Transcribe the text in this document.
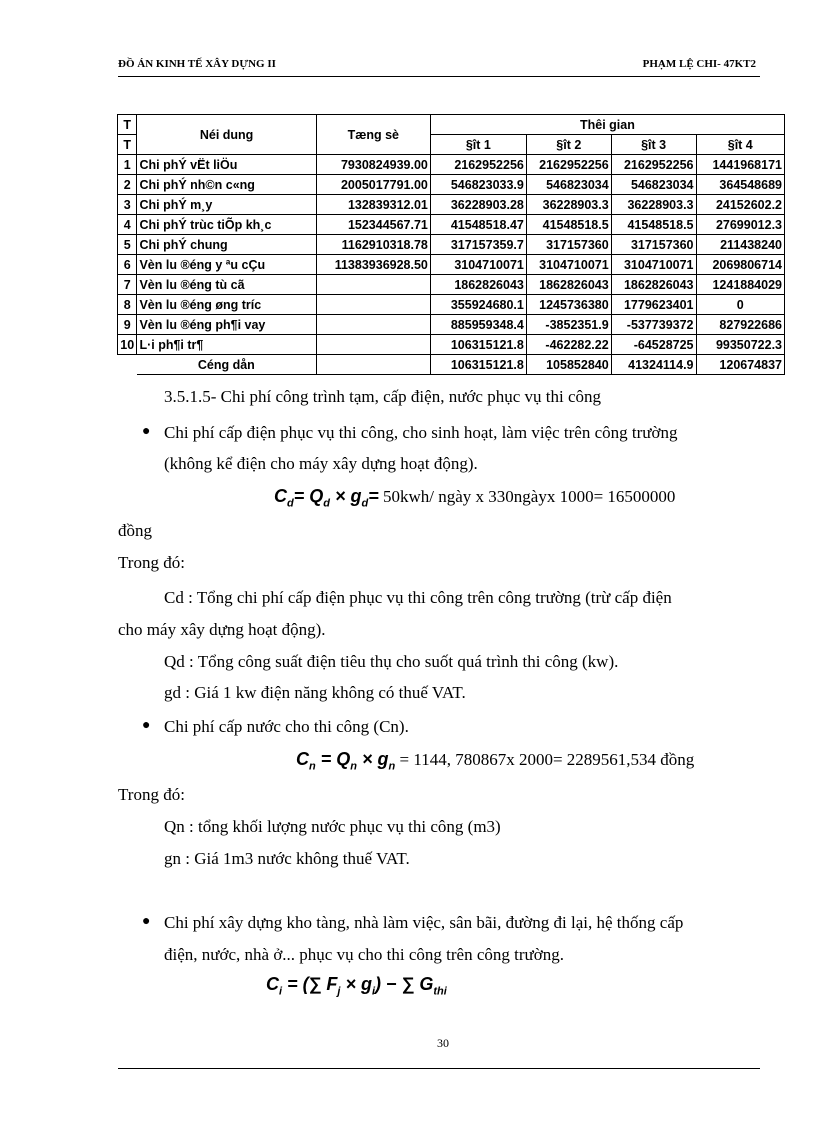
ĐỒ ÁN KINH TẾ XÂY DỰNG II	PHẠM LỆ CHI- 47KT2
T	Néi dung	Tæng sè	Thêi gian			
T			§ît 1	§ît 2	§ît 3	§ît 4
1	Chi phÝ vËt liÖu	7930824939.00	2162952256	2162952256	2162952256	1441968171
2	Chi phÝ nh©n c«ng	2005017791.00	546823033.9	546823034	546823034	364548689
3	Chi phÝ m¸y	132839312.01	36228903.28	36228903.3	36228903.3	24152602.2
4	Chi phÝ trùc tiÕp kh¸c	152344567.71	41548518.47	41548518.5	41548518.5	27699012.3
5	Chi phÝ chung	1162910318.78	317157359.7	317157360	317157360	211438240
6	Vèn lu ®éng y ªu cÇu	11383936928.50	3104710071	3104710071	3104710071	2069806714
7	Vèn lu ®éng tù cã		1862826043	1862826043	1862826043	1241884029
8	Vèn lu ®éng øng tríc		355924680.1	1245736380	1779623401	0
9	Vèn lu ®éng ph¶i vay		885959348.4	-3852351.9	-537739372	827922686
10	L·i ph¶i tr¶		106315121.8	-462282.22	-64528725	99350722.3
	Céng dån		106315121.8	105852840	41324114.9	120674837
3.5.1.5- Chi phí công trình tạm, cấp điện, nước phục vụ thi công
● Chi phí cấp điện phục vụ thi công, cho sinh hoạt, làm việc trên công trường
(không kể điện cho máy xây dựng hoạt động).
$C_d= Q_d \times g_d= 50kwh/$ ngày x 330ngàyx 1000= 16500000
đồng
Trong đó:
Cd : Tổng chi phí cấp điện phục vụ thi công trên công trường (trừ cấp điện
cho máy xây dựng hoạt động).
Qd : Tổng công suất điện tiêu thụ cho suốt quá trình thi công (kw).
gd : Giá 1 kw điện năng không có thuế VAT.
● Chi phí cấp nước cho thi công (Cn).
$C_n = Q_n \times g_n = 1144$, 780867x 2000= 2289561,534 đồng
Trong đó:
Qn : tổng khối lượng nước phục vụ thi công (m3)
gn : Giá 1m3 nước không thuế VAT.
● Chi phí xây dựng kho tàng, nhà làm việc, sân bãi, đường đi lại, hệ thống cấp
điện, nước, nhà ở... phục vụ cho thi công trên công trường.
$C_i$ = (∑ $F_j \times g_i$) − ∑ $G_{thi}$
30
